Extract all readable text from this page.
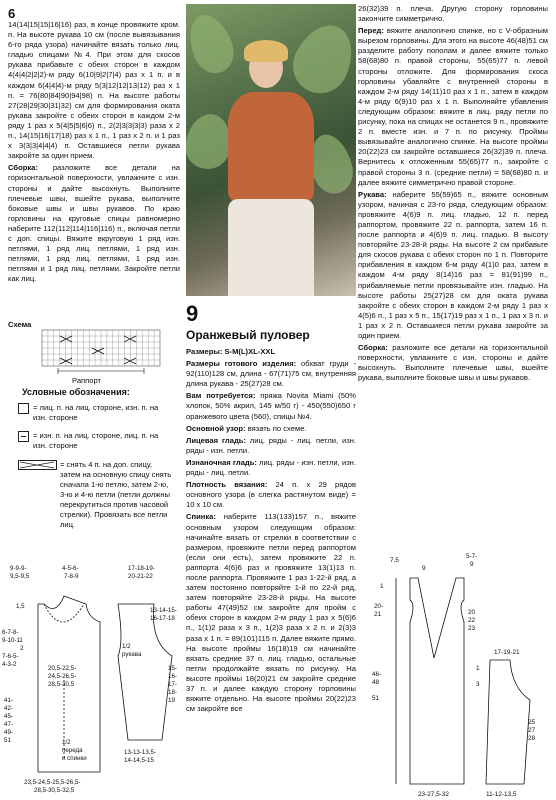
6

14(14|15|15|16|16) раз, в конце провяжите кром. п. На высоте рукава 10 см (после вывязывания 6-го ряда узора) начинайте вязать только лиц. гладью спицами №4. При этом для скосов рукава прибавьте с обеих сторон в каждом 4(4|4|2|2|2)-м ряду 6(10|9|2|7|4) раз х 1 п. и в каждом 6(4|4|4)-м ряду 5(3|12|12|13|12) раз х 1 п. = 76(80|84|90|94|98) п. На высоте работы 27(28|29|30|31|32) см для формирования оката рукава закройте с обеих сторон в каждом 2-м ряду 1 раз х 5(4|5|5|6|6) п., 2(2|3|3|3|3) раза х 2 п., 14(15|16|17|18) раз х 1 п., 1 раз х 2 п. и 1 раз х 3(3|3|4|4|4) п. Оставшиеся петли рукава закройте за один прием.

Сборка: разложите все детали на горизонтальной поверхности, увлажните с изн. стороны и дайте высохнуть. Выполните плечевые швы, вшейте рукава, выполните боковые швы и швы рукавов. По краю горловины на круговые спицы равномерно наберите 112(112|114|116|116) п., включая петли с доп. спицы. Вяжите вкруговую 1 ряд изн. петлями, 1 ряд лиц. петлями, 1 ряд изн. петлями, 1 ряд лиц. петлями, 1 ряд изн. петлями и 1 ряд лиц. петлями. Закройте петли как лиц.

Схема
Раппорт
Условные обозначения:
= лиц. п. на лиц. стороне, изн. п. на изн. стороне
= изн. п. на лиц. стороне, лиц. п. на изн. стороне
= снять 4 п. на доп. спицу, затем на основную спицу снять сначала 1-ю петлю, затем 2-ю, 3-ю и 4-ю петли (петли должны перекрутиться против часовой стрелки). Провязать все петли лиц.
9
Оранжевый пуловер

Размеры: S-M(L)XL-XXL

Размеры готового изделия: обхват груди - 92(110)128 см, длина - 67(71)75 см, внутренняя длина рукава - 25(27)28 см.

Вам потребуется: пряжа Novita Miami (50% хлопок, 50% акрил, 145 м/50 г) - 450(550)650 г оранжевого цвета (560), спицы №4.

Основной узор: вязать по схеме.

Лицевая гладь: лиц. ряды - лиц. петли, изн. ряды - изн. петли.

Изнаночная гладь: лиц. ряды - изн. петли, изн. ряды - лиц. петли.

Плотность вязания: 24 п. x 29 рядов основного узора (в слегка растянутом виде) = 10 x 10 см.

Спинка: наберите 113(133)157 п., вяжите основным узором следующим образом: начинайте вязать от стрелки в соответствии с размером, провяжите петли перед раппортом (если они есть), затем провяжите 22 п. раппорта 4(6)6 раз и провяжите 13(1)13 п. после раппорта. Провяжите 1 раз 1-22-й ряд, а затем постоянно повторяйте 1-й по 22-й ряд, затем повторяйте 23-28-й ряды. На высоте работы 47(49)52 см закройте для пройм с обеих сторон в каждом 2-м ряду 1 раз х 5(6)6 п., 1(1)2 раза х 3 п., 1(2)3 раза х 2 п. и 2(3)3 раза х 1 п. = 89(101)115 п. Далее вяжите прямо. На высоте проймы 16(18)19 см начинайте вязать средние 37 п. лиц. гладью, остальные петли продолжайте вязать по рисунку. На высоте проймы 18(20)21 см закройте средние 37 п. и далее каждую сторону горловины вяжите отдельно. На высоте проймы 20(22)23 см закройте все

26(32)39 п. плеча. Другую сторону горловины закончите симметрично.

Перед: вяжите аналогично спинке, но с V-образным вырезом горловины. Для этого на высоте 46(48)51 см разделите работу пополам и далее вяжите только 58(68)80 п. правой стороны, 55(65)77 п. левой стороны отложите. Для формирования скоса горловины убавляйте с внутренней стороны в каждом 2-м ряду 14(11)10 раз х 1 п., затем в каждом 4-м ряду 6(9)10 раз х 1 п. Выполняйте убавления следующим образом: вяжите в лиц. ряду петли по рисунку, пока на спицах не останется 9 п., провяжите 2 п. вместе изн. и 7 п. по рисунку. Проймы вывязывайте аналогично спинке. На высоте проймы 20(22)23 см закройте оставшиеся 26(32)39 п. плеча. Вернитесь к отложенным 55(65)77 п., закройте с правой стороны 3 п. (средние петли) = 58(68)80 п. и далее вяжите симметрично правой стороне.

Рукава: наберите 55(59)65 п., вяжите основным узором, начиная с 23-го ряда, следующим образом: провяжите 4(6)9 п. лиц. гладью, 12 п. перед раппортом, провяжите 22 п. раппорта, затем 16 п. после раппорта и 4(6)9 п. лиц. гладью. В высоту повторяйте 23-28-й ряды. На высоте 2 см прибавьте для скосов рукава с обеих сторон по 1 п. Повторите прибавления в каждом 6-м ряду 4(1)0 раз, затем в каждом 4-м ряду 8(14)16 раз = 81(91)99 п., прибавляемые петли провязывайте изн. гладью. На высоте работы 25(27)28 см для оката рукава закройте с обеих сторон в каждом 2-м ряду 1 раз х 4(5)6 п., 1 раз х 5 п., 15(17)19 раз х 1 п., 1 раз х 3 п. и 1 раз х 2 п. Оставшиеся петли рукава закройте за один прием.

Сборка: разложите все детали на горизонтальной поверхности, увлажните с изн. стороны и дайте высохнуть. Выполните плечевые швы, вшейте рукава, выполните боковые швы и швы рукавов.

9-9-9-
9,5-9,5
4-5-6-
7-8-9
17-18-19-
20-21-22
1,5
6-7-8-
9-10-11
2
7-6-5-
4-3-2
41-
42-
45-
47-
49-
51
20,5-22,5-
24,5-26,5-
28,5-30,5
1/2
переда
и спинки
23,5-24,5-25,5-26,5-
28,5-30,5-32,5
1/2
рукава
13-14-15-
16-17-18
15-
16-
17-
18-
19
13-13-13,5-
14-14,5-15
7,5
9
5-7-
9
1
20-
21
46-
48
51
20
22
23
23-27,5-32
17-19-21
1
3
25
27
28
11-12-13,5
